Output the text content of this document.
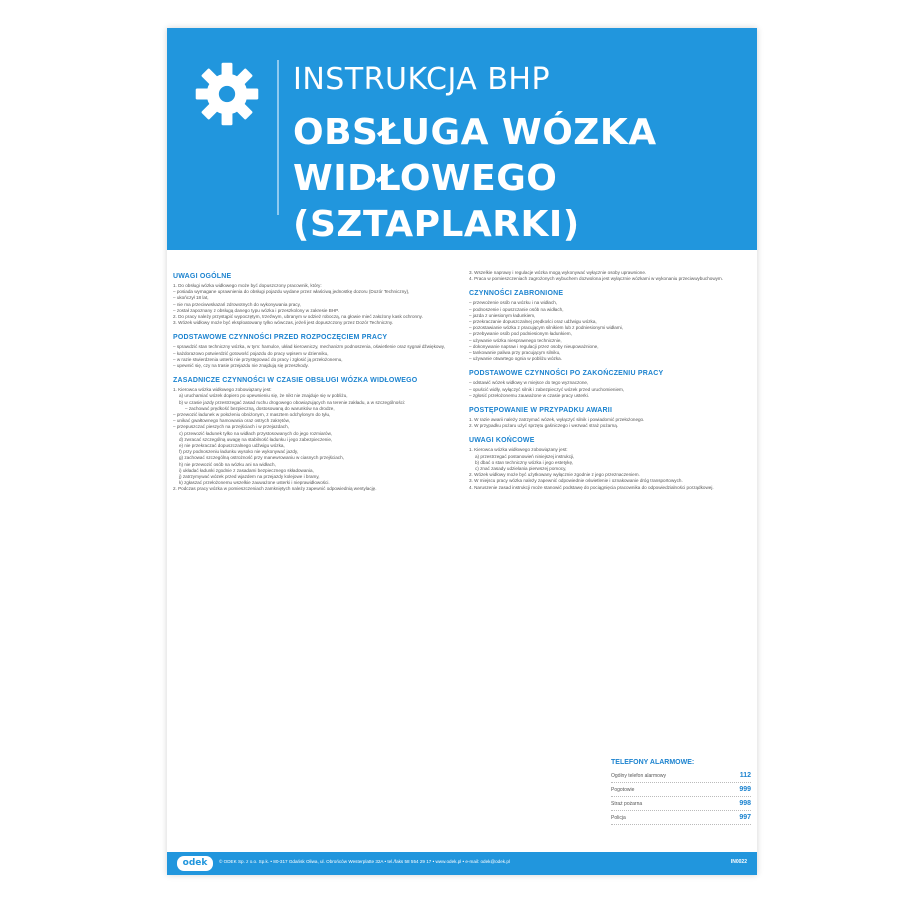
INSTRUKCJA BHP
OBSŁUGA WÓZKA WIDŁOWEGO
(SZTAPLARKI)
UWAGI OGÓLNE
1. Do obsługi wózka widłowego może być dopuszczony pracownik, który:
– posiada wymagane uprawnienia do obsługi pojazdu wydane przez właściwą jednostkę dozoru (Dozór Techniczny),
– ukończył 18 lat,
– nie ma przeciwwskazań zdrowotnych do wykonywania pracy,
– został zapoznany z obsługą danego typu wózka i przeszkolony w zakresie BHP.
2. Do pracy należy przystąpić wypoczętym, trzeźwym, ubranym w odzież roboczą, na głowie mieć założony kask ochronny.
3. Wózek widłowy może być eksploatowany tylko wówczas, jeżeli jest dopuszczony przez Dozór Techniczny.
PODSTAWOWE CZYNNOŚCI PRZED ROZPOCZĘCIEM PRACY
– sprawdzić stan techniczny wózka, w tym: hamulce, układ kierowniczy, mechanizm podnoszenia, oświetlenie oraz sygnał dźwiękowy,
– każdorazowo potwierdzić gotowość pojazdu do pracy wpisem w dzienniku,
– w razie stwierdzenia usterki nie przystępować do pracy i zgłosić ją przełożonemu,
– upewnić się, czy na trasie przejazdu nie znajdują się przeszkody.
ZASADNICZE CZYNNOŚCI W CZASIE OBSŁUGI WÓZKA WIDŁOWEGO
1. Kierowca wózka widłowego zobowiązany jest:
a) uruchamiać wózek dopiero po upewnieniu się, że nikt nie znajduje się w pobliżu,
b) w czasie jazdy przestrzegać zasad ruchu drogowego obowiązujących na terenie zakładu, a w szczególności:
– zachować prędkość bezpieczną, dostosowaną do warunków na drodze,
– przewozić ładunek w położeniu obniżonym, z masztem odchylonym do tyłu,
– unikać gwałtownego hamowania oraz ostrych zakrętów,
– przepuszczać pieszych na przejściach i w przejazdach,
c) przewozić ładunek tylko na widłach przystosowanych do jego rozmiarów,
d) zwracać szczególną uwagę na stabilność ładunku i jego zabezpieczenie,
e) nie przekraczać dopuszczalnego udźwigu wózka,
f) przy podnoszeniu ładunku wysoko nie wykonywać jazdy,
g) zachować szczególną ostrożność przy manewrowaniu w ciasnych przejściach,
h) nie przewozić osób na wózku ani na widłach,
i) układać ładunki zgodnie z zasadami bezpiecznego składowania,
j) zatrzymywać wózek przed wjazdem na przejazdy kolejowe i bramy,
k) zgłaszać przełożonemu wszelkie zauważone usterki i nieprawidłowości.
2. Podczas pracy wózka w pomieszczeniach zamkniętych należy zapewnić odpowiednią wentylację.
3. Wszelkie naprawy i regulacje wózka mogą wykonywać wyłącznie osoby uprawnione.
4. Praca w pomieszczeniach zagrożonych wybuchem dozwolona jest wyłącznie wózkami w wykonaniu przeciwwybuchowym.
CZYNNOŚCI ZABRONIONE
– przewożenie osób na wózku i na widłach,
– podnoszenie i opuszczanie osób na widłach,
– jazda z uniesionym ładunkiem,
– przekraczanie dopuszczalnej prędkości oraz udźwigu wózka,
– pozostawianie wózka z pracującym silnikiem lub z podniesionymi widłami,
– przebywanie osób pod podniesionym ładunkiem,
– używanie wózka niesprawnego technicznie,
– dokonywanie napraw i regulacji przez osoby nieupoważnione,
– tankowanie paliwa przy pracującym silniku,
– używanie otwartego ognia w pobliżu wózka.
PODSTAWOWE CZYNNOŚCI PO ZAKOŃCZENIU PRACY
– odstawić wózek widłowy w miejsce do tego wyznaczone,
– opuścić widły, wyłączyć silnik i zabezpieczyć wózek przed uruchomieniem,
– zgłosić przełożonemu zauważone w czasie pracy usterki.
POSTĘPOWANIE W PRZYPADKU AWARII
1. W razie awarii należy zatrzymać wózek, wyłączyć silnik i powiadomić przełożonego.
2. W przypadku pożaru użyć sprzętu gaśniczego i wezwać straż pożarną.
UWAGI KOŃCOWE
1. Kierowca wózka widłowego zobowiązany jest:
a) przestrzegać postanowień niniejszej instrukcji,
b) dbać o stan techniczny wózka i jego estetykę,
c) znać zasady udzielania pierwszej pomocy,
2. Wózek widłowy może być użytkowany wyłącznie zgodnie z jego przeznaczeniem.
3. W miejscu pracy wózka należy zapewnić odpowiednie oświetlenie i oznakowanie dróg transportowych.
4. Naruszenie zasad instrukcji może stanowić podstawę do pociągnięcia pracownika do odpowiedzialności porządkowej.
TELEFONY ALARMOWE:
Ogólny telefon alarmowy	112
Pogotowie	999
Straż pożarna	998
Policja	997
odek	© ODEK Sp. z o.o. Sp.k. • 80-317 Gdańsk Oliwa, ul. Obrońców Westerplatte 32A • tel./faks 58 554 29 17 • www.odek.pl • e-mail: odek@odek.pl	IN0022
